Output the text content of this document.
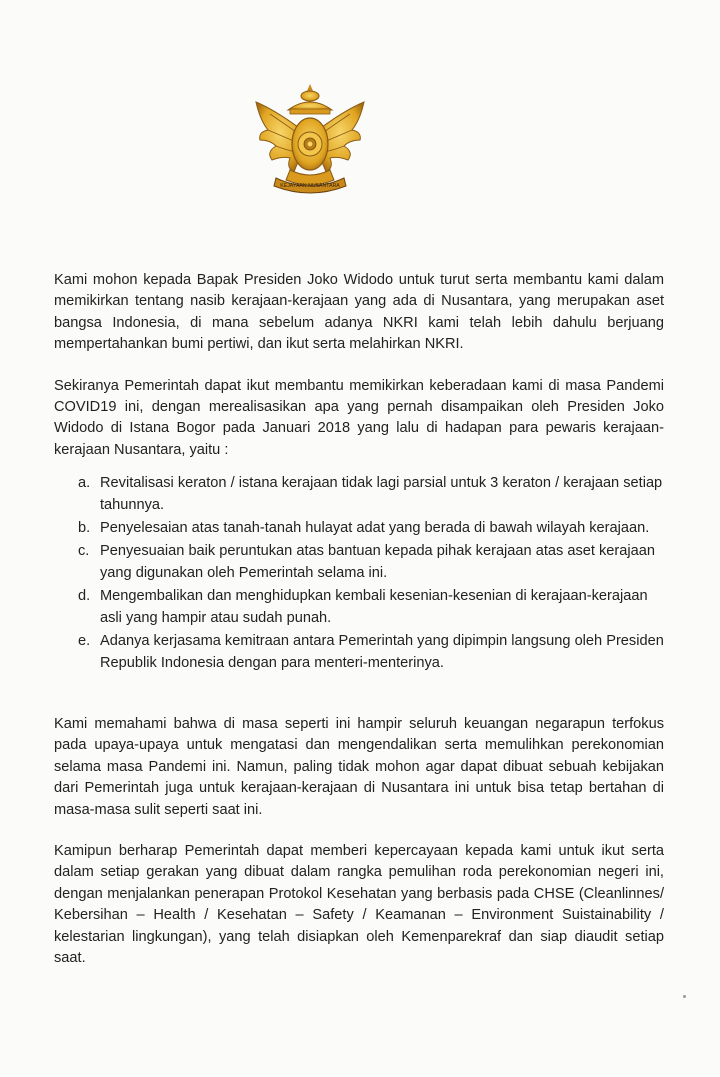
KEJAYAAN NUSANTARA

Kami mohon kepada Bapak Presiden Joko Widodo untuk turut serta membantu kami dalam memikirkan tentang nasib kerajaan-kerajaan yang ada di Nusantara, yang merupakan aset bangsa Indonesia, di mana sebelum adanya NKRI kami telah lebih dahulu berjuang mempertahankan bumi pertiwi, dan ikut serta melahirkan NKRI.

Sekiranya Pemerintah dapat ikut membantu memikirkan keberadaan kami di masa Pandemi COVID19 ini, dengan merealisasikan apa yang pernah disampaikan oleh Presiden Joko Widodo di Istana Bogor pada Januari 2018 yang lalu di hadapan para pewaris kerajaan-kerajaan Nusantara, yaitu :

a. Revitalisasi keraton / istana kerajaan tidak lagi parsial untuk 3 keraton / kerajaan setiap tahunnya.
b. Penyelesaian atas tanah-tanah hulayat adat yang berada di bawah wilayah kerajaan.
c. Penyesuaian baik peruntukan atas bantuan kepada pihak kerajaan atas aset kerajaan yang digunakan oleh Pemerintah selama ini.
d. Mengembalikan dan menghidupkan kembali kesenian-kesenian di kerajaan-kerajaan asli yang hampir atau sudah punah.
e. Adanya kerjasama kemitraan antara Pemerintah yang dipimpin langsung oleh Presiden Republik Indonesia dengan para menteri-menterinya.

Kami memahami bahwa di masa seperti ini hampir seluruh keuangan negarapun terfokus pada upaya-upaya untuk mengatasi dan mengendalikan serta memulihkan perekonomian selama masa Pandemi ini. Namun, paling tidak mohon agar dapat dibuat sebuah kebijakan dari Pemerintah juga untuk kerajaan-kerajaan di Nusantara ini untuk bisa tetap bertahan di masa-masa sulit seperti saat ini.

Kamipun berharap Pemerintah dapat memberi kepercayaan kepada kami untuk ikut serta dalam setiap gerakan yang dibuat dalam rangka pemulihan roda perekonomian negeri ini, dengan menjalankan penerapan Protokol Kesehatan yang berbasis pada CHSE (Cleanlinnes/ Kebersihan – Health / Kesehatan – Safety / Keamanan – Environment Suistainability / kelestarian lingkungan), yang telah disiapkan oleh Kemenparekraf dan siap diaudit setiap saat.
